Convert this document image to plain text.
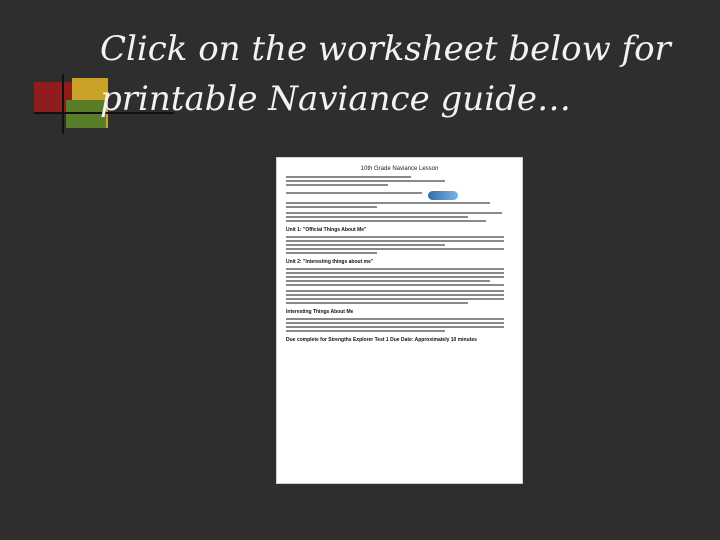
Click on the worksheet below for printable Naviance guide…
10th Grade Naviance Lesson
Unit 1: "Official Things About Me"
Unit 2: "Interesting things about me"
Interesting Things About Me
Due complete for Strengths Explorer Test 1 Due Date: Approximately 10 minutes
